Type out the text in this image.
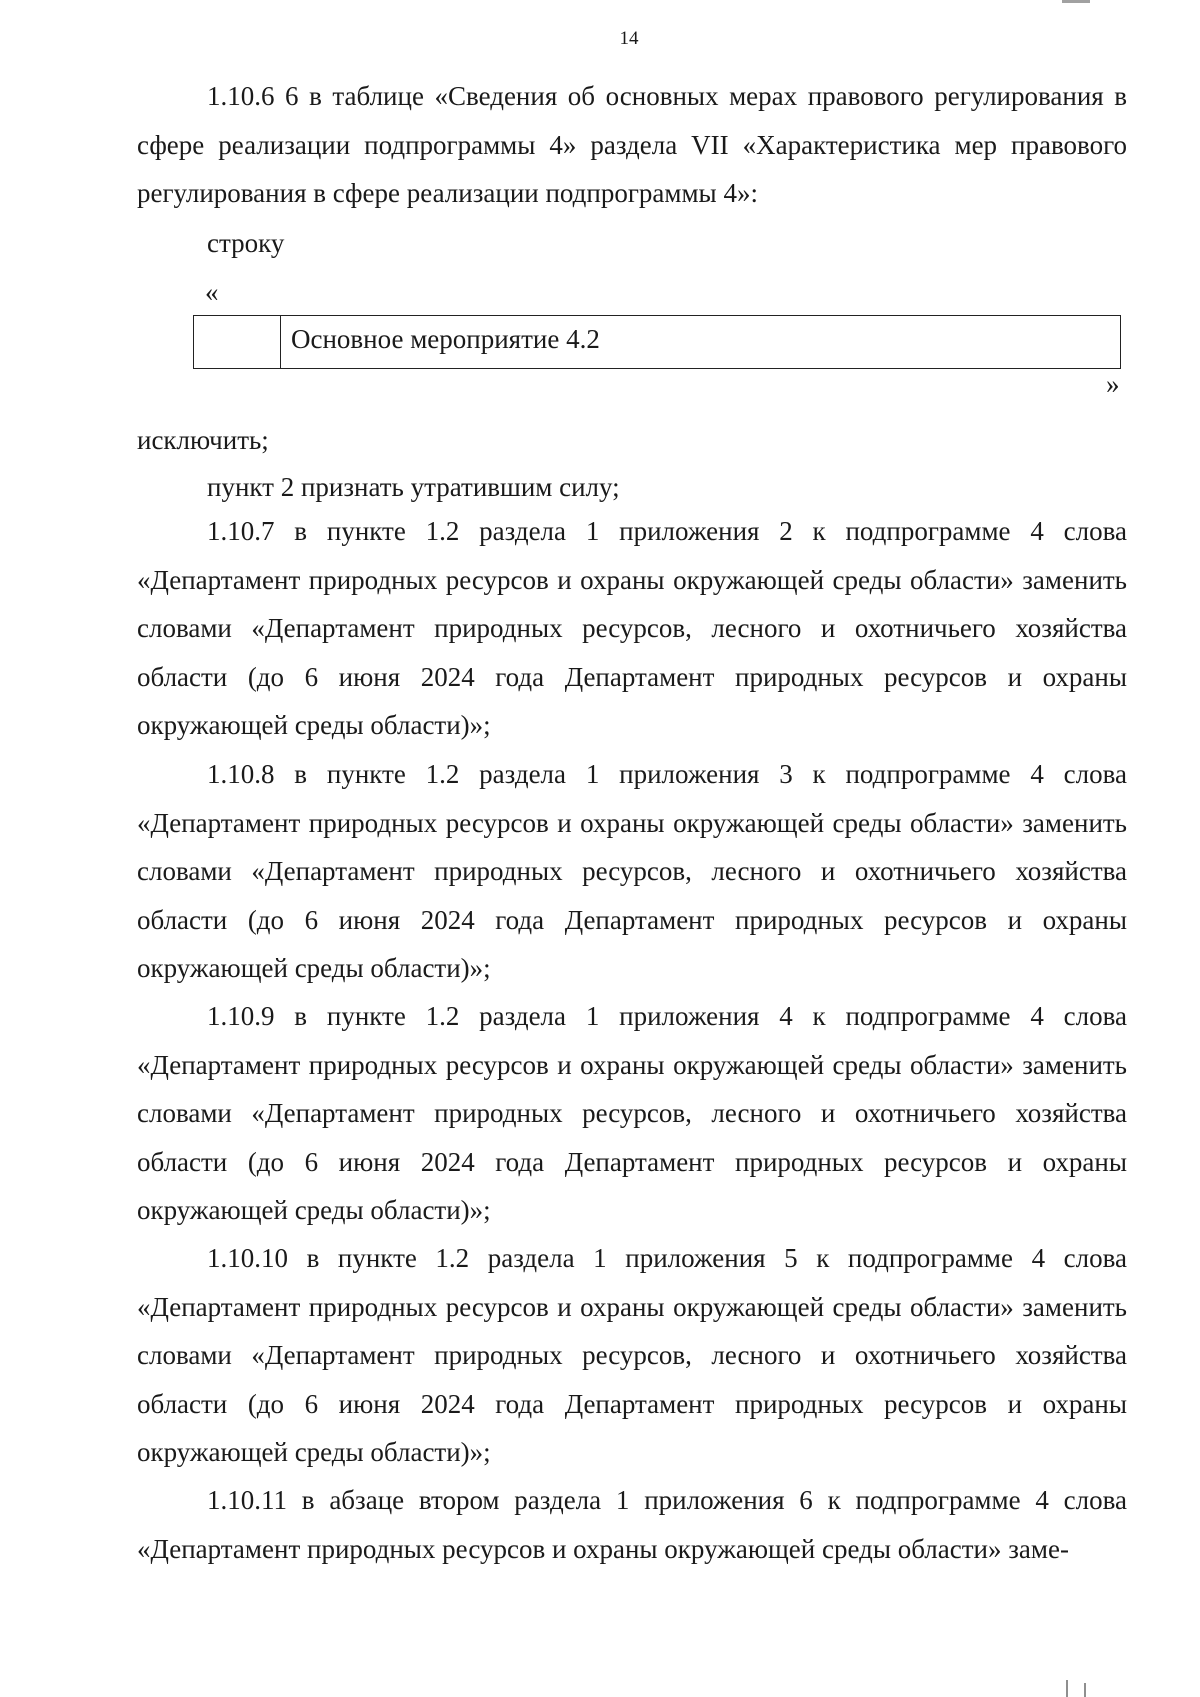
14

1.10.6 6 в таблице «Сведения об основных мерах правового регулирования в сфере реализации подпрограммы 4» раздела VII «Характеристика мер правового регулирования в сфере реализации подпрограммы 4»:

строку

«

Основное мероприятие 4.2

»

исключить;

пункт 2 признать утратившим силу;

1.10.7 в пункте 1.2 раздела 1 приложения 2 к подпрограмме 4 слова «Департамент природных ресурсов и охраны окружающей среды области» заменить словами «Департамент природных ресурсов, лесного и охотничьего хозяйства области (до 6 июня 2024 года Департамент природных ресурсов и охраны окружающей среды области)»;

1.10.8 в пункте 1.2 раздела 1 приложения 3 к подпрограмме 4 слова «Департамент природных ресурсов и охраны окружающей среды области» заменить словами «Департамент природных ресурсов, лесного и охотничьего хозяйства области (до 6 июня 2024 года Департамент природных ресурсов и охраны окружающей среды области)»;

1.10.9 в пункте 1.2 раздела 1 приложения 4 к подпрограмме 4 слова «Департамент природных ресурсов и охраны окружающей среды области» заменить словами «Департамент природных ресурсов, лесного и охотничьего хозяйства области (до 6 июня 2024 года Департамент природных ресурсов и охраны окружающей среды области)»;

1.10.10 в пункте 1.2 раздела 1 приложения 5 к подпрограмме 4 слова «Департамент природных ресурсов и охраны окружающей среды области» заменить словами «Департамент природных ресурсов, лесного и охотничьего хозяйства области (до 6 июня 2024 года Департамент природных ресурсов и охраны окружающей среды области)»;

1.10.11 в абзаце втором раздела 1 приложения 6 к подпрограмме 4 слова «Департамент природных ресурсов и охраны окружающей среды области» заме-
